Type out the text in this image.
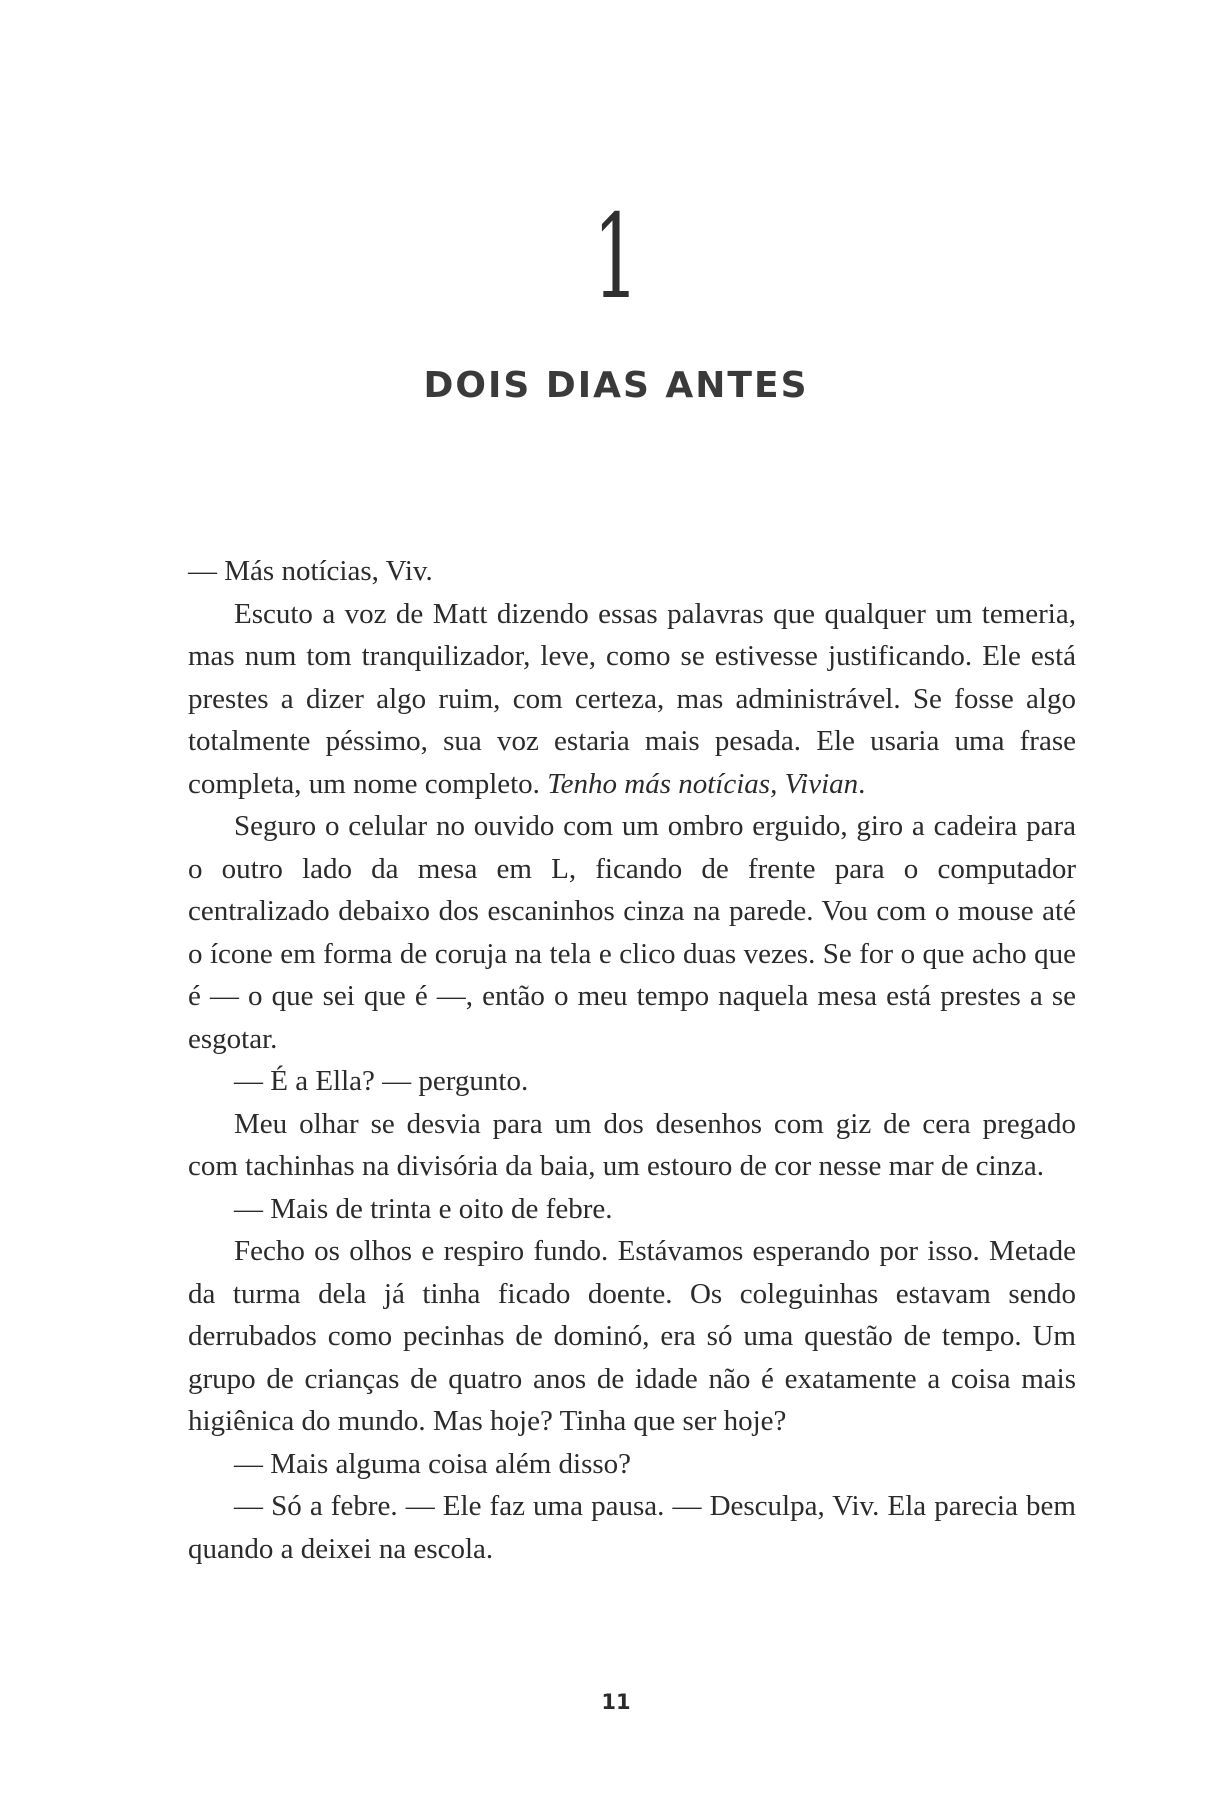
1
DOIS DIAS ANTES

— Más notícias, Viv.

Escuto a voz de Matt dizendo essas palavras que qualquer um temeria, mas num tom tranquilizador, leve, como se estivesse justificando. Ele está prestes a dizer algo ruim, com certeza, mas administrável. Se fosse algo totalmente péssimo, sua voz estaria mais pesada. Ele usaria uma frase completa, um nome completo. Tenho más notícias, Vivian.

Seguro o celular no ouvido com um ombro erguido, giro a cadeira para o outro lado da mesa em L, ficando de frente para o computador centralizado debaixo dos escaninhos cinza na parede. Vou com o mouse até o ícone em forma de coruja na tela e clico duas vezes. Se for o que acho que é — o que sei que é —, então o meu tempo naquela mesa está prestes a se esgotar.

— É a Ella? — pergunto.

Meu olhar se desvia para um dos desenhos com giz de cera pregado com tachinhas na divisória da baia, um estouro de cor nesse mar de cinza.

— Mais de trinta e oito de febre.

Fecho os olhos e respiro fundo. Estávamos esperando por isso. Metade da turma dela já tinha ficado doente. Os coleguinhas estavam sendo derrubados como pecinhas de dominó, era só uma questão de tempo. Um grupo de crianças de quatro anos de idade não é exatamente a coisa mais higiênica do mundo. Mas hoje? Tinha que ser hoje?

— Mais alguma coisa além disso?

— Só a febre. — Ele faz uma pausa. — Desculpa, Viv. Ela parecia bem quando a deixei na escola.

11
